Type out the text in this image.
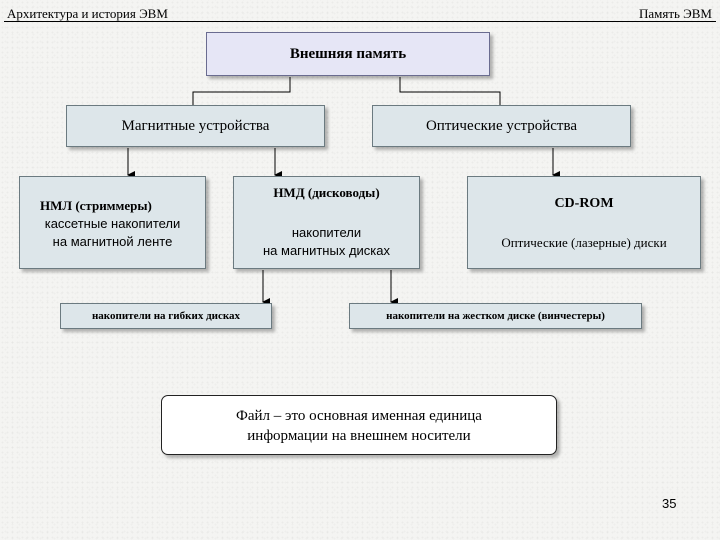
Архитектура и история ЭВМ	Память ЭВМ
Внешняя память
Магнитные устройства	Оптические устройства
НМЛ (стриммеры)
кассетные накопители
на магнитной ленте
НМД (дисководы)
накопители
на магнитных дисках
CD-ROM
Оптические (лазерные) диски
накопители на гибких дисках	накопители на жестком диске (винчестеры)
Файл – это основная именная единица
информации на внешнем носители
35
